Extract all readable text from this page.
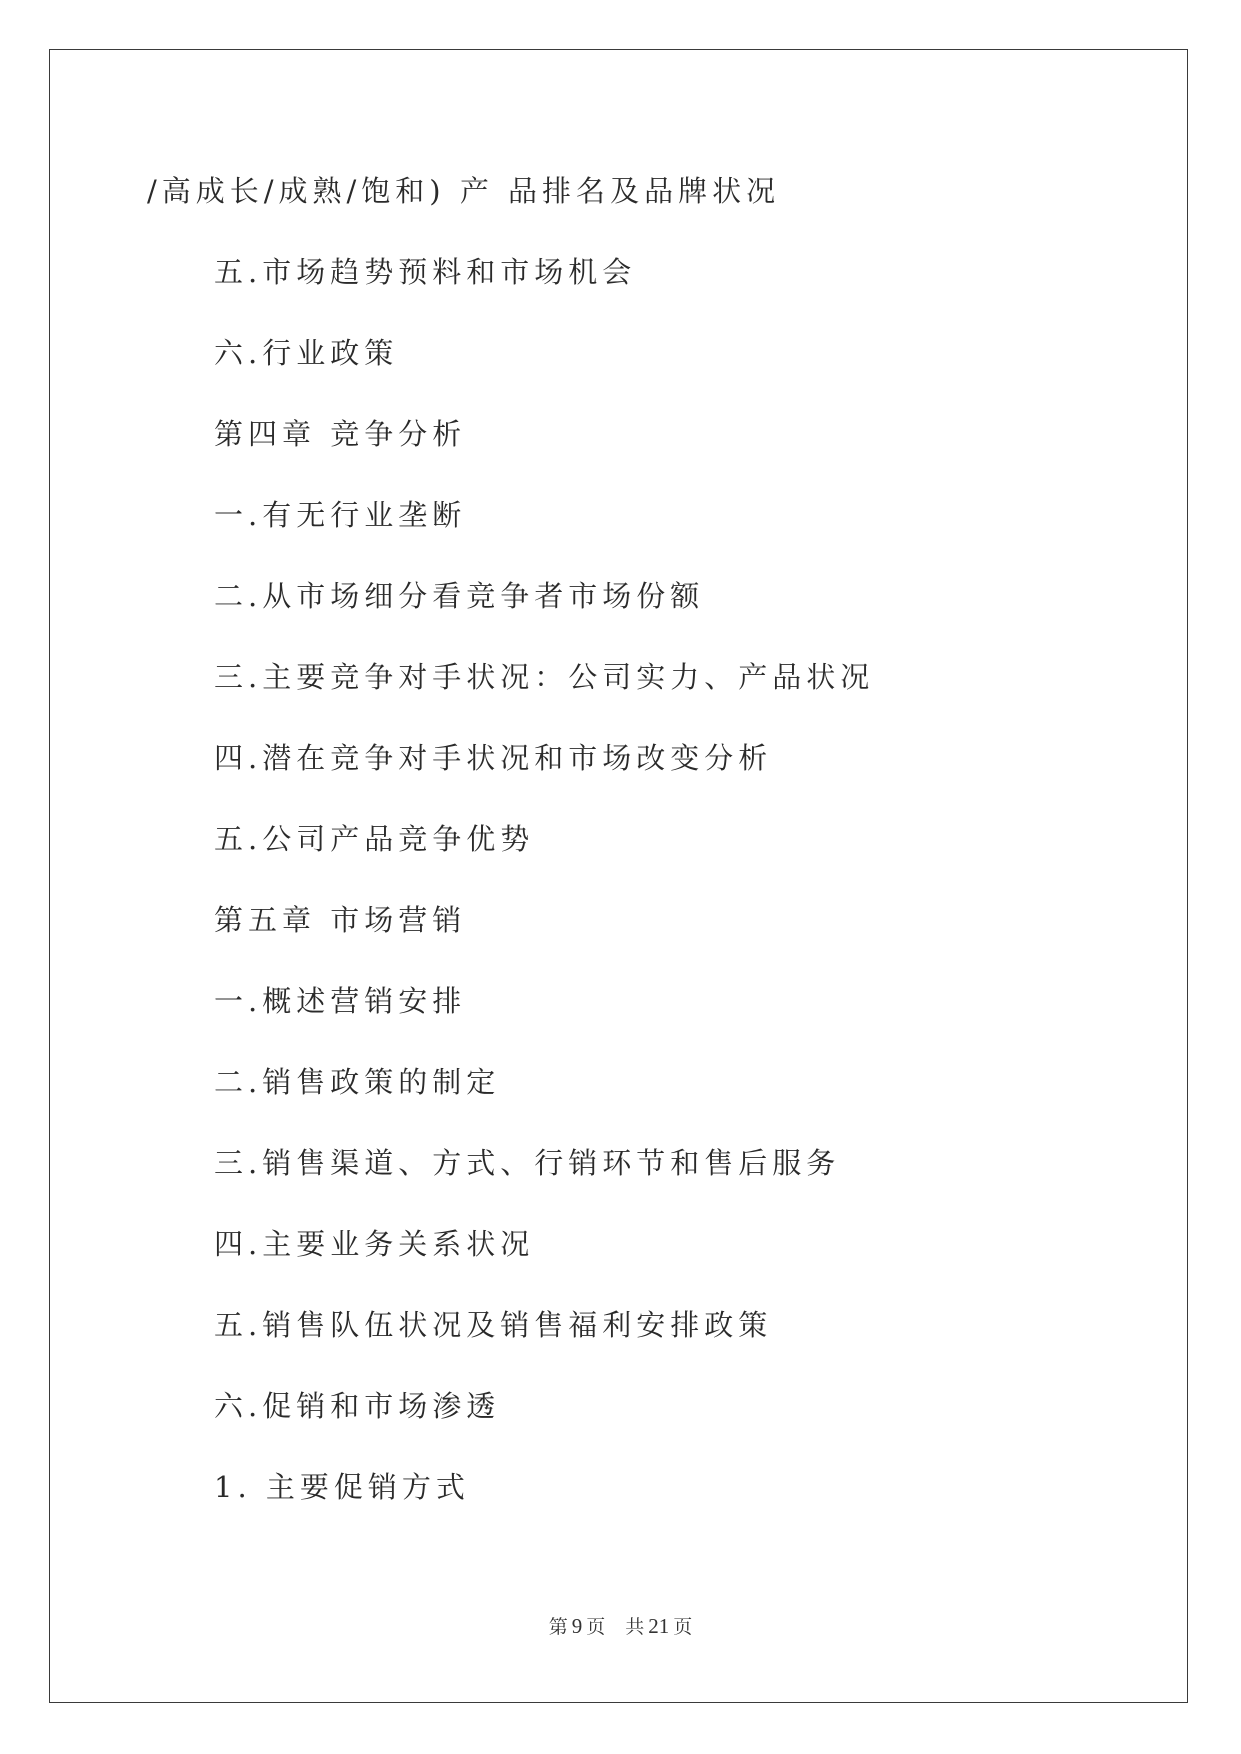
/高成长/成熟/饱和) 产 品排名及品牌状况
五.市场趋势预料和市场机会
六.行业政策
第四章 竞争分析
一.有无行业垄断
二.从市场细分看竞争者市场份额
三.主要竞争对手状况：公司实力、产品状况
四.潜在竞争对手状况和市场改变分析
五.公司产品竞争优势
第五章 市场营销
一.概述营销安排
二.销售政策的制定
三.销售渠道、方式、行销环节和售后服务
四.主要业务关系状况
五.销售队伍状况及销售福利安排政策
六.促销和市场渗透
1. 主要促销方式
第 9 页 共 21 页
